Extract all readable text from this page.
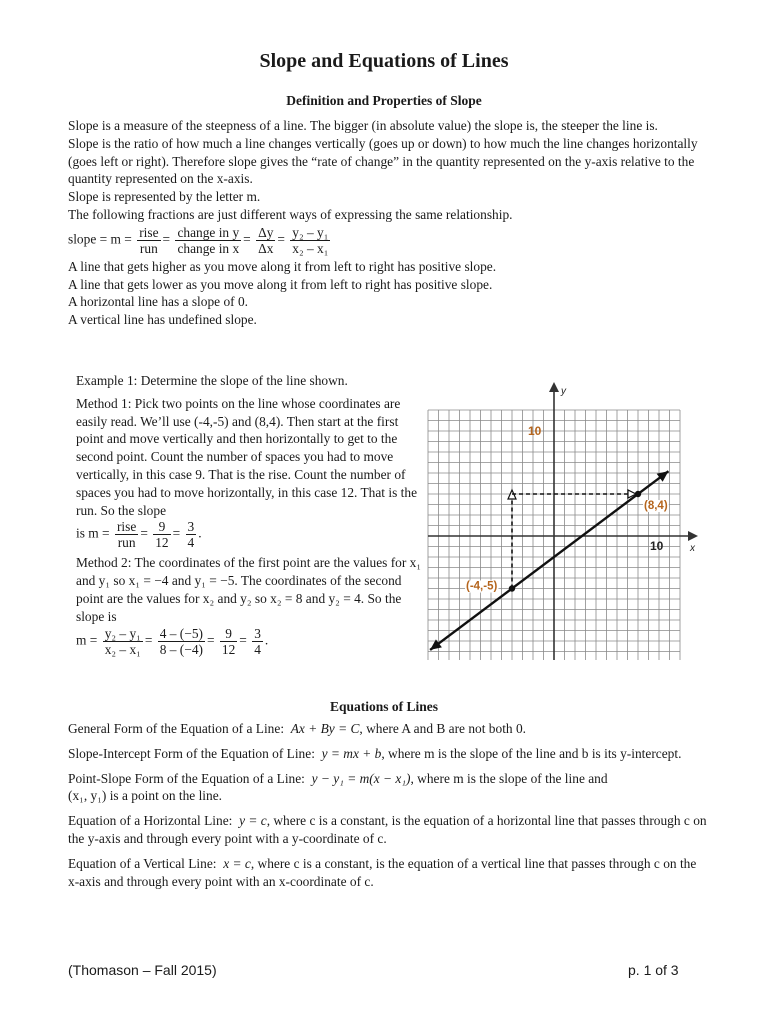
Slope and Equations of Lines
Definition and Properties of Slope
Slope is a measure of the steepness of a line. The bigger (in absolute value) the slope is, the steeper the line is.
Slope is the ratio of how much a line changes vertically (goes up or down) to how much the line changes horizontally (goes left or right). Therefore slope gives the “rate of change” in the quantity represented on the y-axis relative to the quantity represented on the x-axis.
Slope is represented by the letter m.
The following fractions are just different ways of expressing the same relationship.
slope = m = rise
run
= change in y
change in x
= $\frac{\Delta y}{\Delta x} = \frac{\text{y₂ – y₁}}{\text{x₂ – x₁}}$
A line that gets higher as you move along it from left to right has positive slope.
A line that gets lower as you move along it from left to right has positive slope.
A horizontal line has a slope of 0.
A vertical line has undefined slope.
Example 1: Determine the slope of the line shown.
Method 1: Pick two points on the line whose coordinates are easily read. We’ll use (-4,-5) and (8,4). Then start at the first point and move vertically and then horizontally to get to the second point. Count the number of spaces you had to move vertically, in this case 9. That is the rise. Count the number of spaces you had to move horizontally, in this case 12. That is the run. So the slope
is m = rise
run
= $\frac{9}{12} = \frac{3}{4}$ .
Method 2: The coordinates of the first point are the values for x₁ and y₁ so x₁ = −4 and y₁ = −5. The coordinates of the second point are the values for x₂ and y₂ so x₂ = 8 and y₂ = 4. So the slope is
$m = \frac{\text{y₂ – y₁}}{\text{x₂ – x₁}} = \frac{4 - (-5)}{8 - (-4)} = \frac{9}{12} = \frac{3}{4}$ .
y
x
10
10
(-4,-5)
(8,4)
Equations of Lines
General Form of the Equation of a Line: Ax + By = C, where A and B are not both 0.
Slope-Intercept Form of the Equation of Line: y = mx + b, where m is the slope of the line and b is its y-intercept.
Point-Slope Form of the Equation of a Line: y − y₁ = m(x − x₁), where m is the slope of the line and
(x₁, y₁) is a point on the line.
Equation of a Horizontal Line: y = c, where c is a constant, is the equation of a horizontal line that passes through c on the y-axis and through every point with a y-coordinate of c.
Equation of a Vertical Line: x = c, where c is a constant, is the equation of a vertical line that passes through c on the x-axis and through every point with an x-coordinate of c.
(Thomason – Fall 2015)	p. 1 of 3
